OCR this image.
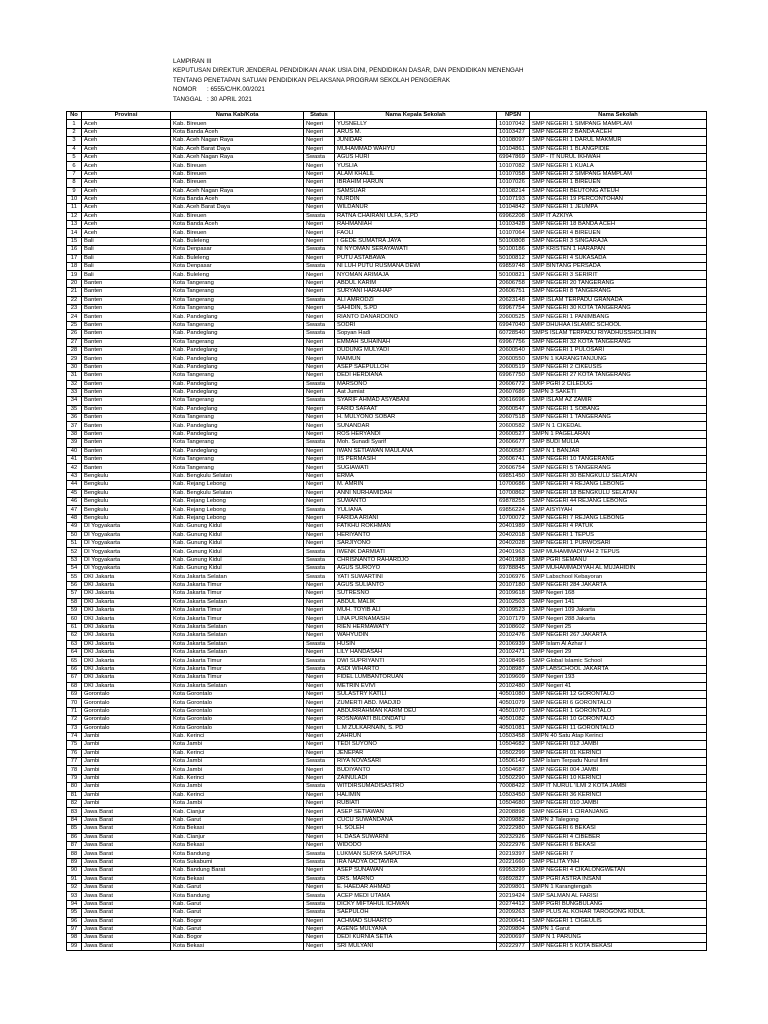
LAMPIRAN III
KEPUTUSAN DIREKTUR JENDERAL PENDIDIKAN ANAK USIA DINI, PENDIDIKAN DASAR, DAN PENDIDIKAN MENENGAH
TENTANG PENETAPAN SATUAN PENDIDIKAN PELAKSANA PROGRAM SEKOLAH PENGGERAK
NOMOR : 6555/C/HK.00/2021
TANGGAL : 30 APRIL 2021
No	Provinsi	Nama Kab/Kota	Status	Nama Kepala Sekolah	NPSN	Nama Sekolah
1	Aceh	Kab. Bireuen	Negeri	YUSNELLY	10107042	SMP NEGERI 1 SIMPANG MAMPLAM
2	Aceh	Kota Banda Aceh	Negeri	ARUS M.	10103427	SMP NEGERI 2 BANDA ACEH
3	Aceh	Kab. Aceh Nagan Raya	Negeri	JUNIDAR	10108097	SMP NEGERI 1 DARUL MAKMUR
4	Aceh	Kab. Aceh Barat Daya	Negeri	MUHAMMAD WAHYU	10104861	SMP NEGERI 1 BLANGPIDIE
5	Aceh	Kab. Aceh Nagan Raya	Swasta	AGUS HURI	69947869	SMP - IT NURUL IKHWAH
6	Aceh	Kab. Bireuen	Negeri	YUSLIA	10107082	SMP NEGERI 1 KUALA
7	Aceh	Kab. Bireuen	Negeri	ALAM KHALIL	10107058	SMP NEGERI 2 SIMPANG MAMPLAM
8	Aceh	Kab. Bireuen	Negeri	IBRAHIM HARUN	10107026	SMP NEGERI 1 BIREUEN
9	Aceh	Kab. Aceh Nagan Raya	Negeri	SAMSUAR	10108214	SMP NEGERI BEUTONG ATEUH
10	Aceh	Kota Banda Aceh	Negeri	NURDIN	10107193	SMP NEGERI 19 PERCONTOHAN
11	Aceh	Kab. Aceh Barat Daya	Negeri	WILDANUR	10104842	SMP NEGERI 1 JEUMPA
12	Aceh	Kab. Bireuen	Swasta	RATNA CHAIRANI ULFA, S.PD	69962208	SMP IT AZKIYA
13	Aceh	Kota Banda Aceh	Negeri	RAHMANIAH	10103428	SMP NEGERI 18 BANDA ACEH
14	Aceh	Kab. Bireuen	Negeri	FAOLI	10107064	SMP NEGERI 4 BIREUEN
15	Bali	Kab. Buleleng	Negeri	I GEDE SUMATRA JAYA	50100808	SMP NEGERI 3 SINGARAJA
16	Bali	Kota Denpasar	Swasta	NI NYOMAN SERAYAWATI	50100186	SMP KRISTEN 1 HARAPAN
17	Bali	Kab. Buleleng	Negeri	PUTU ASTABAWA	50100812	SMP NEGERI 4 SUKASADA
18	Bali	Kota Denpasar	Swasta	NI LUH PUTU RUSMANA DEWI	69859748	SMP BINTANG PERSADA
19	Bali	Kab. Buleleng	Negeri	NYOMAN ARIMAJA	50100821	SMP NEGERI 3 SERIRIT
20	Banten	Kota Tangerang	Negeri	ABDUL KARIM	20606758	SMP NEGERI 20 TANGERANG
21	Banten	Kota Tangerang	Negeri	SURYANI HARAHAP	20606751	SMP NEGERI 8 TANGERANG
22	Banten	Kota Tangerang	Swasta	ALI AMRODZI	20623148	SMP ISLAM TERPADU GRANADA
23	Banten	Kota Tangerang	Negeri	SAHIDIN, S.PD	69967754	SMP NEGERI 30 KOTA TANGERANG
24	Banten	Kab. Pandeglang	Negeri	RIANTO DANARDONO	20600525	SMP NEGERI 1 PANIMBANG
25	Banten	Kota Tangerang	Swasta	SODRI	69947040	SMP DHUHAA ISLAMIC SCHOOL
26	Banten	Kab. Pandeglang	Swasta	Sopyan Hadi	60728540	SMPS ISLAM TERPADU RIYADHUSSHOLIHIIN
27	Banten	Kota Tangerang	Negeri	EMMAH SUHAINAH	69967756	SMP NEGERI 32 KOTA TANGERANG
28	Banten	Kab. Pandeglang	Negeri	DUDUNG MULYADI	20600540	SMP NEGERI 1 PULOSARI
29	Banten	Kab. Pandeglang	Negeri	MAIMUN	20600550	SMPN 1 KARANGTANJUNG
30	Banten	Kab. Pandeglang	Negeri	ASEP SAEPULLOH	20600519	SMP NEGERI 2 CIKEUSIS
31	Banten	Kota Tangerang	Negeri	DEDI HERDIANA	69967750	SMP NEGERI 27 KOTA TANGERANG
32	Banten	Kab. Pandeglang	Swasta	MARSONO	20606772	SMP PGRI 2 CILEDUG
33	Banten	Kab. Pandeglang	Negeri	Aat Jumiat	20607689	SMPN 3 SAKETI
34	Banten	Kota Tangerang	Swasta	SYARIF AHMAD ASYABANI	20616696	SMP ISLAM AZ ZAMIR
35	Banten	Kab. Pandeglang	Negeri	FARID SAFAAT	20600547	SMP NEGERI 1 SOBANG
36	Banten	Kota Tangerang	Negeri	H. MULYONO SOBAR	20607518	SMP NEGERI 1 TANGERANG
37	Banten	Kab. Pandeglang	Negeri	SUNANDAR	20600582	SMP N 1 CIKEDAL
38	Banten	Kab. Pandeglang	Negeri	ROS HERYANDI	20600527	SMPN 1 PAGELARAN
39	Banten	Kota Tangerang	Swasta	Moh. Sunadi Syarif	20606677	SMP BUDI MULIA
40	Banten	Kab. Pandeglang	Negeri	IWAN SETIAWAN MAULANA	20600587	SMP N 1 BANJAR
41	Banten	Kota Tangerang	Negeri	IIS PERMASIH	20606741	SMP NEGERI 10 TANGERANG
42	Banten	Kota Tangerang	Negeri	SUGIAWATI	20606754	SMP NEGERI 5 TANGERANG
43	Bengkulu	Kab. Bengkulu Selatan	Negeri	ERMA	69851450	SMP NEGERI 30 BENGKULU SELATAN
44	Bengkulu	Kab. Rejang Lebong	Negeri	M. AMRIN	10700686	SMP NEGERI 4 REJANG LEBONG
45	Bengkulu	Kab. Bengkulu Selatan	Negeri	ANNI NURHAMIDAH	10700862	SMP NEGERI 18 BENGKULU SELATAN
46	Bengkulu	Kab. Rejang Lebong	Negeri	SUWANTO	69878255	SMP NEGERI 44 REJANG LEBONG
47	Bengkulu	Kab. Rejang Lebong	Swasta	YULIANA	69856224	SMP AISYIYAH
48	Bengkulu	Kab. Rejang Lebong	Negeri	FARIDA ARIANI	10700072	SMP NEGERI 7 REJANG LEBONG
49	DI Yogyakarta	Kab. Gunung Kidul	Negeri	FATKHU ROKHMAN	20401989	SMP NEGERI 4 PATUK
50	DI Yogyakarta	Kab. Gunung Kidul	Negeri	HERIYANTO	20402018	SMP NEGERI 1 TEPUS
51	DI Yogyakarta	Kab. Gunung Kidul	Negeri	SARJIYONO	20402028	SMP NEGERI 1 PURWOSARI
52	DI Yogyakarta	Kab. Gunung Kidul	Swasta	IWENK DARMIATI	20401963	SMP MUHAMMADIYAH 2 TEPUS
53	DI Yogyakarta	Kab. Gunung Kidul	Swasta	CHRISNANTO RAHARDJO	20401988	SMP PGRI SEMANU
54	DI Yogyakarta	Kab. Gunung Kidul	Swasta	AGUS SUROYO	69788845	SMP MUHAMMADIYAH AL MUJAHIDIN
55	DKI Jakarta	Kota Jakarta Selatan	Swasta	YATI SUWARTINI	20106976	SMP Labschool Kebayoran
56	DKI Jakarta	Kota Jakarta Timur	Negeri	AGUS SULIANTO	20107180	SMP NEGERI 284 JAKARTA
57	DKI Jakarta	Kota Jakarta Timur	Negeri	SUTRESNO	20109618	SMP Negeri 168
58	DKI Jakarta	Kota Jakarta Selatan	Negeri	ABDUL MALIK	20102503	SMP Negeri 141
59	DKI Jakarta	Kota Jakarta Timur	Negeri	MUH. TOYIB ALI	20109523	SMP Negeri 109 Jakarta
60	DKI Jakarta	Kota Jakarta Timur	Negeri	LINA PURNAMASIH	20107179	SMP Negeri 288 Jakarta
61	DKI Jakarta	Kota Jakarta Selatan	Negeri	RIEN HERMAWATY	20108602	SMP Negeri 25
62	DKI Jakarta	Kota Jakarta Selatan	Negeri	WAHYUDIN	20102476	SMP NEGERI 267 JAKARTA
63	DKI Jakarta	Kota Jakarta Selatan	Swasta	HUSIN	20106939	SMP Islam Al Azhar I
64	DKI Jakarta	Kota Jakarta Selatan	Negeri	LILY HANDASAH	20102471	SMP Negeri 29
65	DKI Jakarta	Kota Jakarta Timur	Swasta	DWI SUPRIYANTI	20108495	SMP Global Islamic School
66	DKI Jakarta	Kota Jakarta Timur	Swasta	ASDI WIHARTO	20108987	SMP LABSCHOOL JAKARTA
67	DKI Jakarta	Kota Jakarta Timur	Negeri	FIDEL LUMBANTORUAN	20109609	SMP Negeri 193
68	DKI Jakarta	Kota Jakarta Selatan	Negeri	METRIN EVIVI	20102480	SMP Negeri 41
69	Gorontalo	Kota Gorontalo	Negeri	SULASTRY KATILI	40501080	SMP NEGERI 12 GORONTALO
70	Gorontalo	Kota Gorontalo	Negeri	ZUMERTI ABD. MADJID	40501079	SMP NEGERI 6 GORONTALO
71	Gorontalo	Kota Gorontalo	Negeri	ABDURRAHMAN KARIM DEU	40501070	SMP NEGERI 1 GORONTALO
72	Gorontalo	Kota Gorontalo	Negeri	ROSNAWATI BILONDATU	40501082	SMP NEGERI 10 GORONTALO
73	Gorontalo	Kota Gorontalo	Negeri	L.M ZULKARNAIN, S. PD	40501081	SMP NEGERI 11 GORONTALO
74	Jambi	Kab. Kerinci	Negeri	ZAHRUN	10503458	SMPN 40 Satu Atap Kerinci
75	Jambi	Kota Jambi	Negeri	TEDI SUYONO	10504682	SMP NEGERI 012 JAMBI
76	Jambi	Kab. Kerinci	Negeri	JENEPAR	10502299	SMP NEGERI 01 KERINCI
77	Jambi	Kota Jambi	Swasta	RIYA NOVASARI	10506149	SMP Islam Terpadu Nurul Ilmi
78	Jambi	Kota Jambi	Negeri	BUDIYANTO	10504687	SMP NEGERI 004 JAMBI
79	Jambi	Kab. Kerinci	Negeri	ZAINULADI	10502290	SMP NEGERI 10 KERINCI
80	Jambi	Kota Jambi	Swasta	WITDIRSUMADISASTRO	70008422	SMP IT NURUL 'ILMI 2 KOTA JAMBI
81	Jambi	Kab. Kerinci	Negeri	HALIMIN	10503450	SMP NEGERI 36 KERINCI
82	Jambi	Kota Jambi	Negeri	RUBIATI	10504680	SMP NEGERI 010 JAMBI
83	Jawa Barat	Kab. Cianjur	Negeri	ASEP SETIAWAN	20208898	SMP NEGERI 1 CIRANJANG
84	Jawa Barat	Kab. Garut	Negeri	CUCU SUWANDANA	20209882	SMPN 2 Talegong
85	Jawa Barat	Kota Bekasi	Negeri	H. SOLEH	20222980	SMP NEGERI 6 BEKASI
86	Jawa Barat	Kab. Cianjur	Negeri	H. DASA SUWARNI	20232926	SMP NEGERI 4 CIBEBER
87	Jawa Barat	Kota Bekasi	Negeri	WIDODO	20222976	SMP NEGERI 6 BEKASI
88	Jawa Barat	Kota Bandung	Swasta	LUKMAN SURYA SAPUTRA	20219397	SMP NEGERI 7
89	Jawa Barat	Kota Sukabumi	Swasta	IRA NADYA OCTAVIRA	20221660	SMP PELITA YNH
90	Jawa Barat	Kab. Bandung Barat	Negeri	ASEP SUNAWAN	69953299	SMP NEGERI 4 CIKALONGWETAN
91	Jawa Barat	Kota Bekasi	Swasta	DRS. MARNO	69892827	SMP PGRI ASTRA INSANI
92	Jawa Barat	Kab. Garut	Negeri	E. HAEDAR AHMAD	20209801	SMPN 1 Karangtengah
93	Jawa Barat	Kota Bandung	Swasta	ACEP MEDI UTAMA	20219424	SMP SALMAN AL FARISI
94	Jawa Barat	Kab. Garut	Swasta	DICKY MIFTAHUL ICHWAN	20274412	SMP PGRI BUNGBULANG
95	Jawa Barat	Kab. Garut	Swasta	SAEPULOH	20209263	SMP PLUS AL KOHAR TAROGONG KIDUL
96	Jawa Barat	Kab. Bogor	Negeri	ACHMAD SUHARTO	20200641	SMP NEGERI 1 CIGEULIS
97	Jawa Barat	Kab. Garut	Negeri	AGENG MULYANA	20209804	SMPN 1 Garut
98	Jawa Barat	Kab. Bogor	Negeri	DEDI KURNIA SETIA	20200697	SMP N 1 PARUNG
99	Jawa Barat	Kota Bekasi	Negeri	SRI MULYANI	20222977	SMP NEGERI 5 KOTA BEKASI
